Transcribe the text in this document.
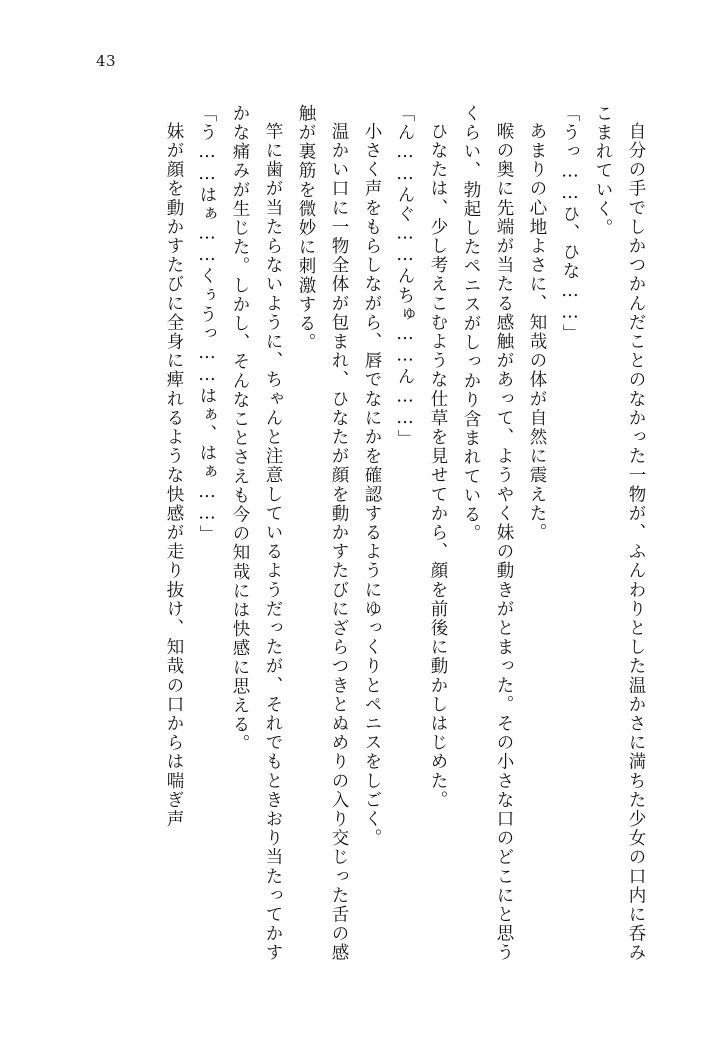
43

自分の手でしかつかんだことのなかった一物が、ふんわりとした温かさに満ちた少女の口内に呑みこまれていく。

「うっ……ひ、ひな……」

あまりの心地よさに、知哉の体が自然に震えた。

喉の奥に先端が当たる感触があって、ようやく妹の動きがとまった。その小さな口のどこにと思うくらい、勃起したペニスがしっかり含まれている。

ひなたは、少し考えこむような仕草を見せてから、顔を前後に動かしはじめた。

「ん……んぐ……んちゅ……ん……」

小さく声をもらしながら、唇でなにかを確認するようにゆっくりとペニスをしごく。

温かい口に一物全体が包まれ、ひなたが顔を動かすたびにざらつきとぬめりの入り交じった舌の感触が裏筋を微妙に刺激する。

竿に歯が当たらないように、ちゃんと注意しているようだったが、それでもときおり当たってかすかな痛みが生じた。しかし、そんなことさえも今の知哉には快感に思える。

「う……はぁ……くぅうっ……はぁ、はぁ……」

妹が顔を動かすたびに全身に痺れるような快感が走り抜け、知哉の口からは喘ぎ声
